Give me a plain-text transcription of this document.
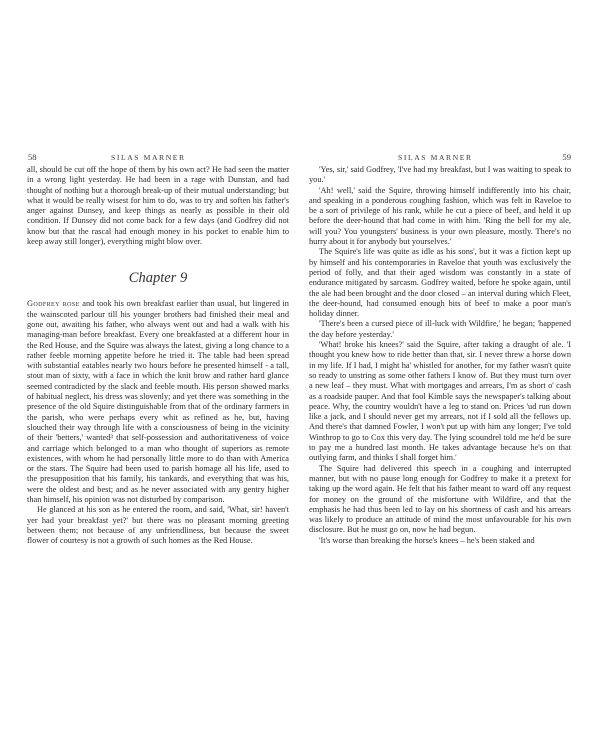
58	SILAS MARNER

all, should be cut off the hope of them by his own act? He had seen the matter in a wrong light yesterday. He had been in a rage with Dunstan, and had thought of nothing but a thorough break-up of their mutual understanding; but what it would be really wisest for him to do, was to try and soften his father's anger against Dunsey, and keep things as nearly as possible in their old condition. If Dunsey did not come back for a few days (and Godfrey did not know but that the rascal had enough money in his pocket to enable him to keep away still longer), everything might blow over.

Chapter 9

Godfrey rose and took his own breakfast earlier than usual, but lingered in the wainscoted parlour till his younger brothers had finished their meal and gone out, awaiting his father, who always went out and had a walk with his managing-man before breakfast. Every one breakfasted at a different hour in the Red House, and the Squire was always the latest, giving a long chance to a rather feeble morning appetite before he tried it. The table had been spread with substantial eatables nearly two hours before he presented himself - a tall, stout man of sixty, with a face in which the knit brow and rather hard glance seemed contradicted by the slack and feeble mouth. His person showed marks of habitual neglect, his dress was slovenly; and yet there was something in the presence of the old Squire distinguishable from that of the ordinary farmers in the parish, who were perhaps every whit as refined as he, but, having slouched their way through life with a consciousness of being in the vicinity of their 'betters,' wanted³ that self-possession and authoritativeness of voice and carriage which belonged to a man who thought of superiors as remote existences, with whom he had personally little more to do than with America or the stars. The Squire had been used to parish homage all his life, used to the presupposition that his family, his tankards, and everything that was his, were the oldest and best; and as he never associated with any gentry higher than himself, his opinion was not disturbed by comparison.

He glanced at his son as he entered the room, and said, 'What, sir! haven't yer had your breakfast yet?' but there was no pleasant morning greeting between them; not because of any unfriendliness, but because the sweet flower of courtesy is not a growth of such homes as the Red House.

SILAS MARNER	59

'Yes, sir,' said Godfrey, 'I've had my breakfast, but I was waiting to speak to you.'

'Ah! well,' said the Squire, throwing himself indifferently into his chair, and speaking in a ponderous coughing fashion, which was felt in Raveloe to be a sort of privilege of his rank, while he cut a piece of beef, and held it up before the deer-hound that had come in with him. 'Ring the bell for my ale, will you? You youngsters' business is your own pleasure, mostly. There's no hurry about it for anybody but yourselves.'

The Squire's life was quite as idle as his sons', but it was a fiction kept up by himself and his contemporaries in Raveloe that youth was exclusively the period of folly, and that their aged wisdom was constantly in a state of endurance mitigated by sarcasm. Godfrey waited, before he spoke again, until the ale had been brought and the door closed – an interval during which Fleet, the deer-hound, had consumed enough bits of beef to make a poor man's holiday dinner.

'There's been a cursed piece of ill-luck with Wildfire,' he began; 'happened the day before yesterday.'

'What! broke his knees?' said the Squire, after taking a draught of ale. 'I thought you knew how to ride better than that, sir. I never threw a horse down in my life. If I had, I might ha' whistled for another, for my father wasn't quite so ready to unstring as some other fathers I know of. But they must turn over a new leaf – they must. What with mortgages and arrears, I'm as short o' cash as a roadside pauper. And that fool Kimble says the newspaper's talking about peace. Why, the country wouldn't have a leg to stand on. Prices 'ud run down like a jack, and I should never get my arrears, not if I sold all the fellows up. And there's that damned Fowler, I won't put up with him any longer; I've told Winthrop to go to Cox this very day. The lying scoundrel told me he'd be sure to pay me a hundred last month. He takes advantage because he's on that outlying farm, and thinks I shall forget him.'

The Squire had delivered this speech in a coughing and interrupted manner, but with no pause long enough for Godfrey to make it a pretext for taking up the word again. He felt that his father meant to ward off any request for money on the ground of the misfortune with Wildfire, and that the emphasis he had thus been led to lay on his shortness of cash and his arrears was likely to produce an attitude of mind the most unfavourable for his own disclosure. But he must go on, now he had begun.

'It's worse than breaking the horse's knees – he's been staked and
